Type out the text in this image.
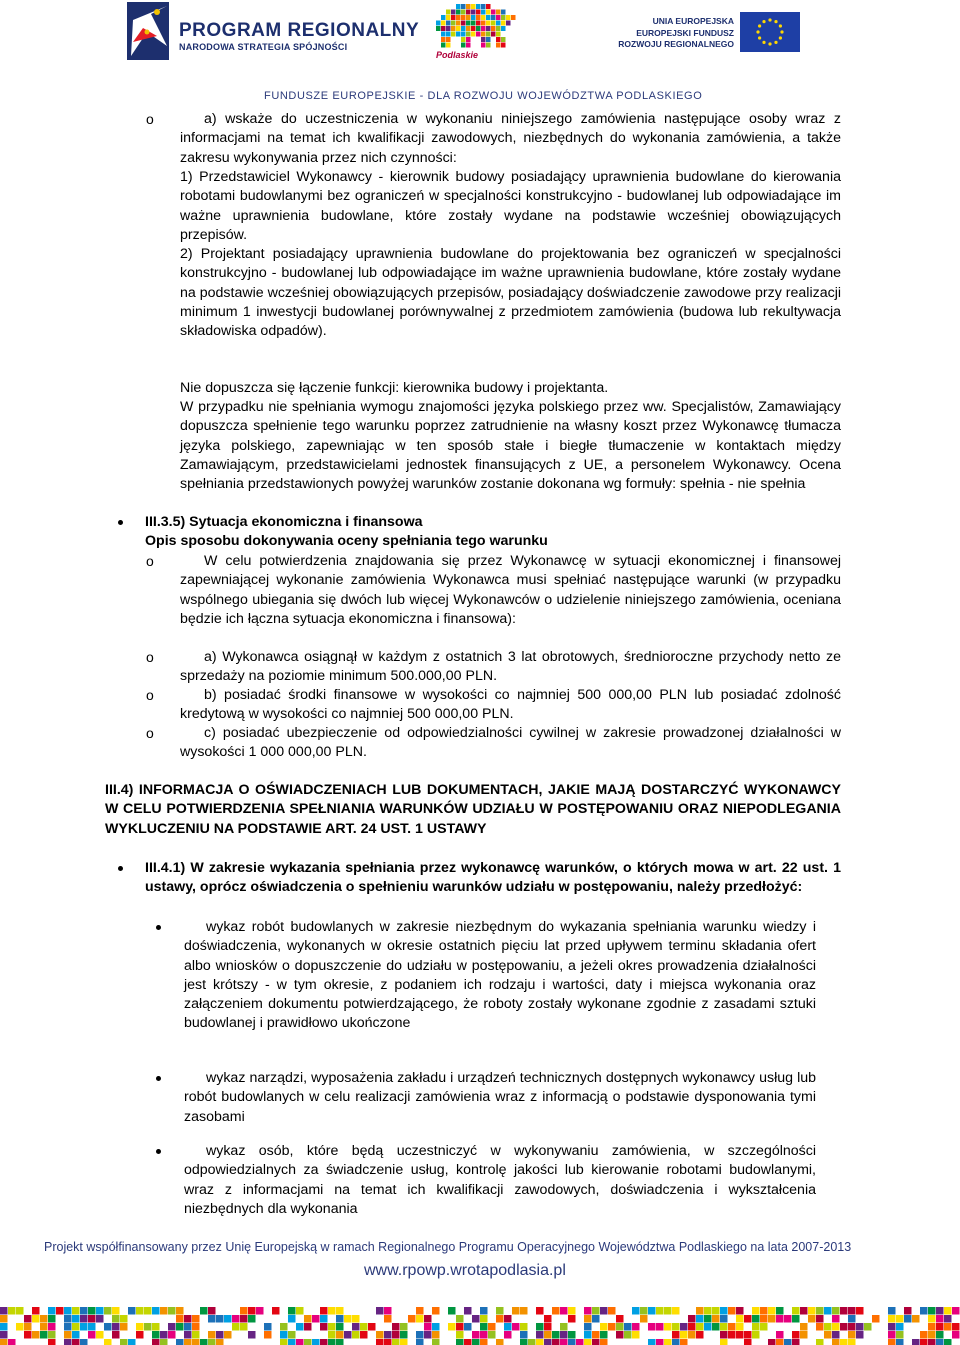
PROGRAM REGIONALNY
NARODOWA STRATEGIA SPÓJNOŚCI
Podlaskie
UNIA EUROPEJSKA
EUROPEJSKI FUNDUSZ
ROZWOJU REGIONALNEGO
FUNDUSZE EUROPEJSKIE - DLA ROZWOJU WOJEWÓDZTWA PODLASKIEGO
o	a) wskaże do uczestniczenia w wykonaniu niniejszego zamówienia następujące osoby wraz z informacjami na temat ich kwalifikacji zawodowych, niezbędnych do wykonania zamówienia, a także zakresu wykonywania przez nich czynności:
1) Przedstawiciel Wykonawcy - kierownik budowy posiadający uprawnienia budowlane do kierowania robotami budowlanymi bez ograniczeń w specjalności konstrukcyjno - budowlanej lub odpowiadające im ważne uprawnienia budowlane, które zostały wydane na podstawie wcześniej obowiązujących przepisów.
2) Projektant posiadający uprawnienia budowlane do projektowania bez ograniczeń w specjalności konstrukcyjno - budowlanej lub odpowiadające im ważne uprawnienia budowlane, które zostały wydane na podstawie wcześniej obowiązujących przepisów, posiadający doświadczenie zawodowe przy realizacji minimum 1 inwestycji budowlanej porównywalnej z przedmiotem zamówienia (budowa lub rekultywacja składowiska odpadów).
Nie dopuszcza się łączenie funkcji: kierownika budowy i projektanta.
W przypadku nie spełniania wymogu znajomości języka polskiego przez ww. Specjalistów, Zamawiający dopuszcza spełnienie tego warunku poprzez zatrudnienie na własny koszt przez Wykonawcę tłumacza języka polskiego, zapewniając w ten sposób stałe i biegłe tłumaczenie w kontaktach między Zamawiającym, przedstawicielami jednostek finansujących z UE, a personelem Wykonawcy. Ocena spełniania przedstawionych powyżej warunków zostanie dokonana wg formuły: spełnia - nie spełnia
III.3.5) Sytuacja ekonomiczna i finansowa
Opis sposobu dokonywania oceny spełniania tego warunku
o	W celu potwierdzenia znajdowania się przez Wykonawcę w sytuacji ekonomicznej i finansowej zapewniającej wykonanie zamówienia Wykonawca musi spełniać następujące warunki (w przypadku wspólnego ubiegania się dwóch lub więcej Wykonawców o udzielenie niniejszego zamówienia, oceniana będzie ich łączna sytuacja ekonomiczna i finansowa):
o	a) Wykonawca osiągnął w każdym z ostatnich 3 lat obrotowych, średnioroczne przychody netto ze sprzedaży na poziomie minimum 500.000,00 PLN.
o	b) posiadać środki finansowe w wysokości co najmniej 500 000,00 PLN lub posiadać zdolność kredytową w wysokości co najmniej 500 000,00 PLN.
o	c) posiadać ubezpieczenie od odpowiedzialności cywilnej w zakresie prowadzonej działalności w wysokości 1 000 000,00 PLN.
III.4) INFORMACJA O OŚWIADCZENIACH LUB DOKUMENTACH, JAKIE MAJĄ DOSTARCZYĆ WYKONAWCY W CELU POTWIERDZENIA SPEŁNIANIA WARUNKÓW UDZIAŁU W POSTĘPOWANIU ORAZ NIEPODLEGANIA WYKLUCZENIU NA PODSTAWIE ART. 24 UST. 1 USTAWY
III.4.1) W zakresie wykazania spełniania przez wykonawcę warunków, o których mowa w art. 22 ust. 1 ustawy, oprócz oświadczenia o spełnieniu warunków udziału w postępowaniu, należy przedłożyć:
wykaz robót budowlanych w zakresie niezbędnym do wykazania spełniania warunku wiedzy i doświadczenia, wykonanych w okresie ostatnich pięciu lat przed upływem terminu składania ofert albo wniosków o dopuszczenie do udziału w postępowaniu, a jeżeli okres prowadzenia działalności jest krótszy - w tym okresie, z podaniem ich rodzaju i wartości, daty i miejsca wykonania oraz załączeniem dokumentu potwierdzającego, że roboty zostały wykonane zgodnie z zasadami sztuki budowlanej i prawidłowo ukończone
wykaz narządzi, wyposażenia zakładu i urządzeń technicznych dostępnych wykonawcy usług lub robót budowlanych w celu realizacji zamówienia wraz z informacją o podstawie dysponowania tymi zasobami
wykaz osób, które będą uczestniczyć w wykonywaniu zamówienia, w szczególności odpowiedzialnych za świadczenie usług, kontrolę jakości lub kierowanie robotami budowlanymi, wraz z informacjami na temat ich kwalifikacji zawodowych, doświadczenia i wykształcenia niezbędnych dla wykonania
Projekt współfinansowany przez Unię Europejską w ramach Regionalnego Programu Operacyjnego Województwa Podlaskiego na lata 2007-2013
www.rpowp.wrotapodlasia.pl
